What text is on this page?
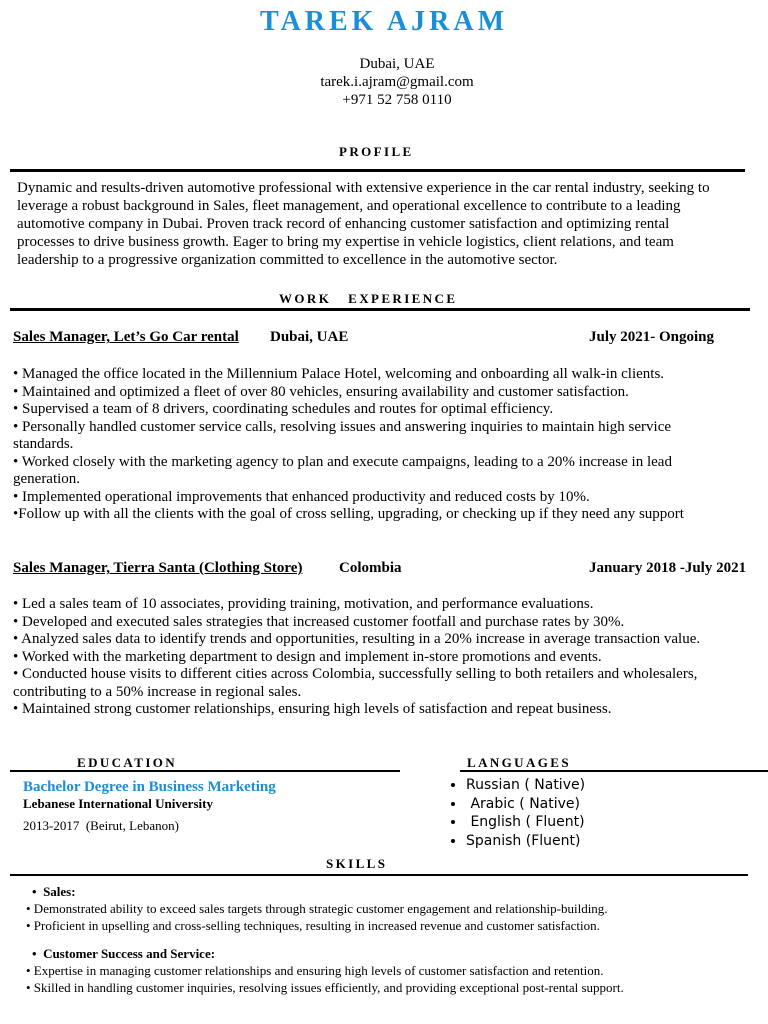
TAREK AJRAM
Dubai, UAE
tarek.i.ajram@gmail.com
+971 52 758 0110
PROFILE
Dynamic and results-driven automotive professional with extensive experience in the car rental industry, seeking to
leverage a robust background in Sales, fleet management, and operational excellence to contribute to a leading
automotive company in Dubai. Proven track record of enhancing customer satisfaction and optimizing rental
processes to drive business growth. Eager to bring my expertise in vehicle logistics, client relations, and team
leadership to a progressive organization committed to excellence in the automotive sector.
WORK   EXPERIENCE
Sales Manager, Let’s Go Car rental Dubai, UAE	July 2021- Ongoing
• Managed the office located in the Millennium Palace Hotel, welcoming and onboarding all walk-in clients.
• Maintained and optimized a fleet of over 80 vehicles, ensuring availability and customer satisfaction.
• Supervised a team of 8 drivers, coordinating schedules and routes for optimal efficiency.
• Personally handled customer service calls, resolving issues and answering inquiries to maintain high service
standards.
• Worked closely with the marketing agency to plan and execute campaigns, leading to a 20% increase in lead
generation.
• Implemented operational improvements that enhanced productivity and reduced costs by 10%.
•Follow up with all the clients with the goal of cross selling, upgrading, or checking up if they need any support
Sales Manager, Tierra Santa (Clothing Store) Colombia	January 2018 -July 2021
• Led a sales team of 10 associates, providing training, motivation, and performance evaluations.
• Developed and executed sales strategies that increased customer footfall and purchase rates by 30%.
• Analyzed sales data to identify trends and opportunities, resulting in a 20% increase in average transaction value.
• Worked with the marketing department to design and implement in-store promotions and events.
• Conducted house visits to different cities across Colombia, successfully selling to both retailers and wholesalers,
contributing to a 50% increase in regional sales.
• Maintained strong customer relationships, ensuring high levels of satisfaction and repeat business.
EDUCATION
Bachelor Degree in Business Marketing
Lebanese International University
2013-2017  (Beirut, Lebanon)
LANGUAGES
• Russian ( Native)
•  Arabic ( Native)
•  English ( Fluent)
• Spanish (Fluent)
SKILLS
•  Sales:
• Demonstrated ability to exceed sales targets through strategic customer engagement and relationship-building.
• Proficient in upselling and cross-selling techniques, resulting in increased revenue and customer satisfaction.
•  Customer Success and Service:
• Expertise in managing customer relationships and ensuring high levels of customer satisfaction and retention.
• Skilled in handling customer inquiries, resolving issues efficiently, and providing exceptional post-rental support.
